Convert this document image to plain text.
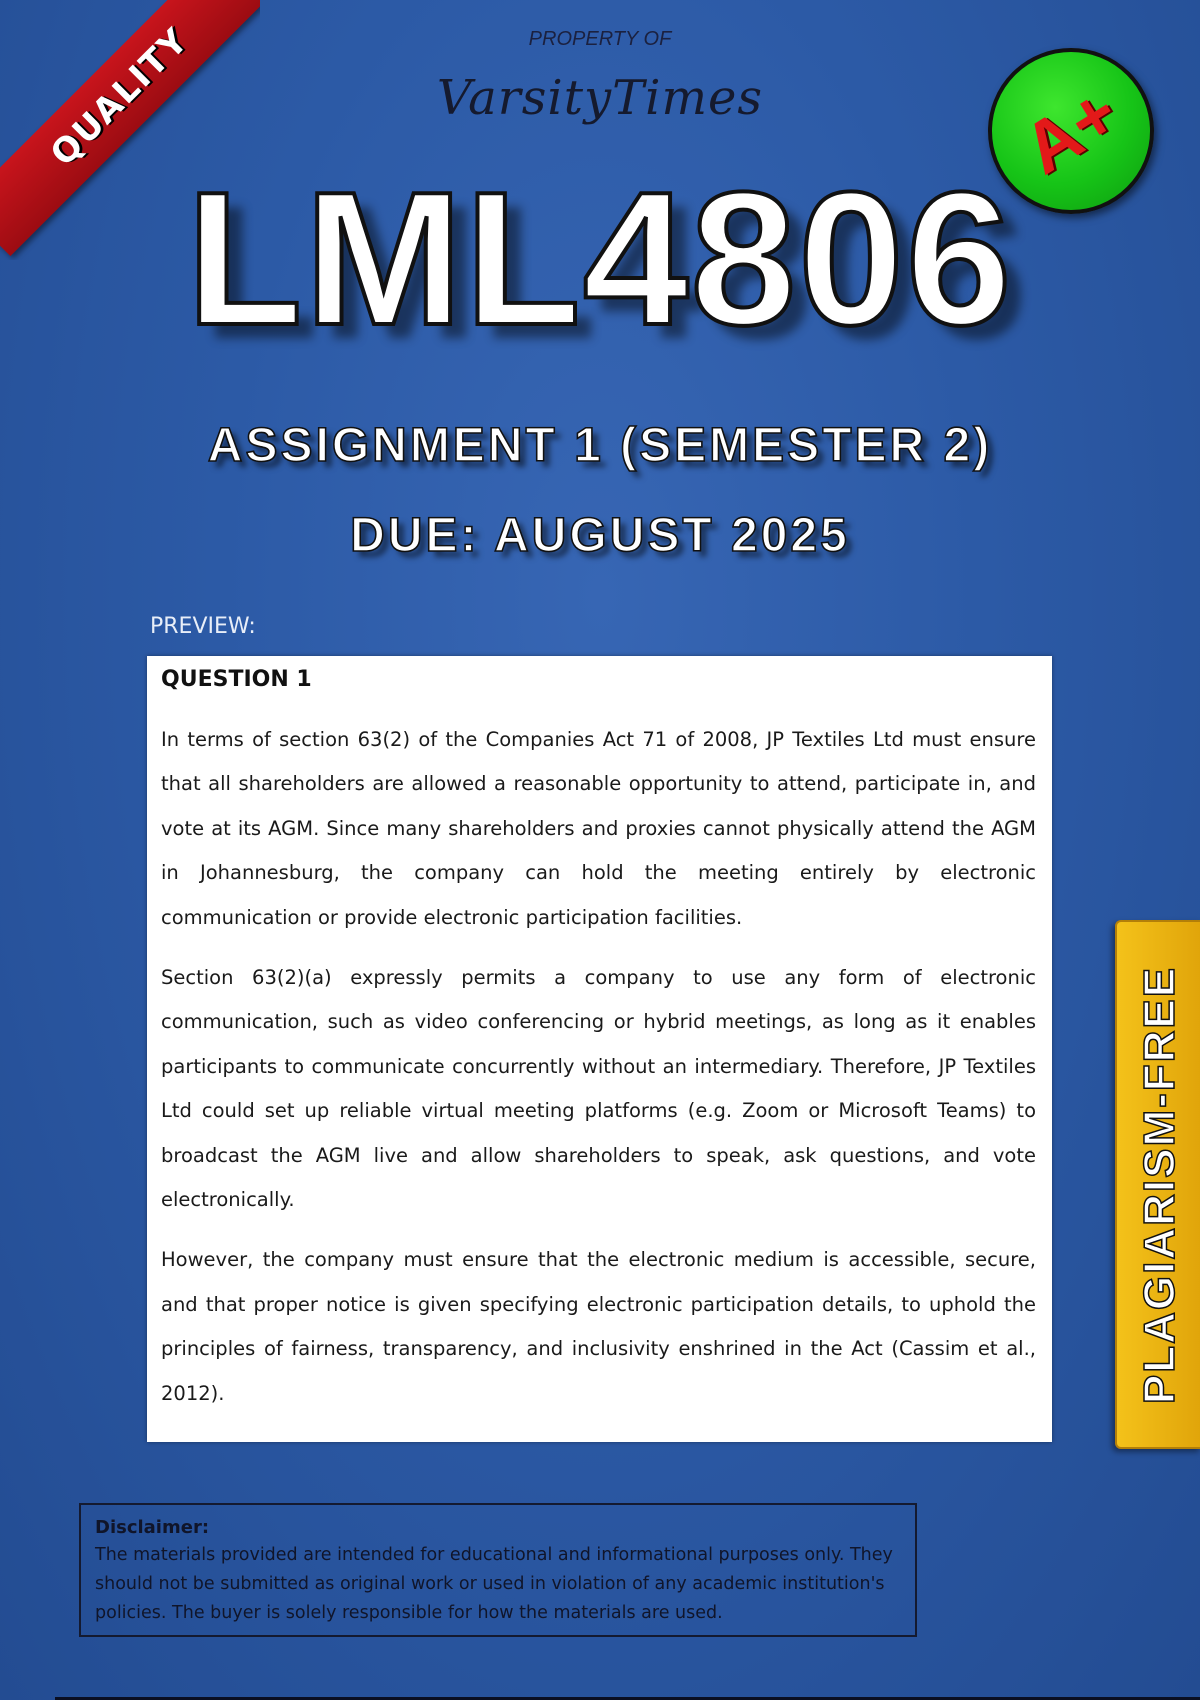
QUALITY	PROPERTY OF
VarsityTimes	A+
LML4806
ASSIGNMENT 1 (SEMESTER 2)
DUE: AUGUST 2025
PREVIEW:
QUESTION 1

In terms of section 63(2) of the Companies Act 71 of 2008, JP Textiles Ltd must ensure that all shareholders are allowed a reasonable opportunity to attend, participate in, and vote at its AGM. Since many shareholders and proxies cannot physically attend the AGM in Johannesburg, the company can hold the meeting entirely by electronic communication or provide electronic participation facilities.

Section 63(2)(a) expressly permits a company to use any form of electronic communication, such as video conferencing or hybrid meetings, as long as it enables participants to communicate concurrently without an intermediary. Therefore, JP Textiles Ltd could set up reliable virtual meeting platforms (e.g. Zoom or Microsoft Teams) to broadcast the AGM live and allow shareholders to speak, ask questions, and vote electronically.

However, the company must ensure that the electronic medium is accessible, secure, and that proper notice is given specifying electronic participation details, to uphold the principles of fairness, transparency, and inclusivity enshrined in the Act (Cassim et al., 2012).	PLAGIARISM-FREE
Disclaimer:
The materials provided are intended for educational and informational purposes only. They should not be submitted as original work or used in violation of any academic institution's policies. The buyer is solely responsible for how the materials are used.
